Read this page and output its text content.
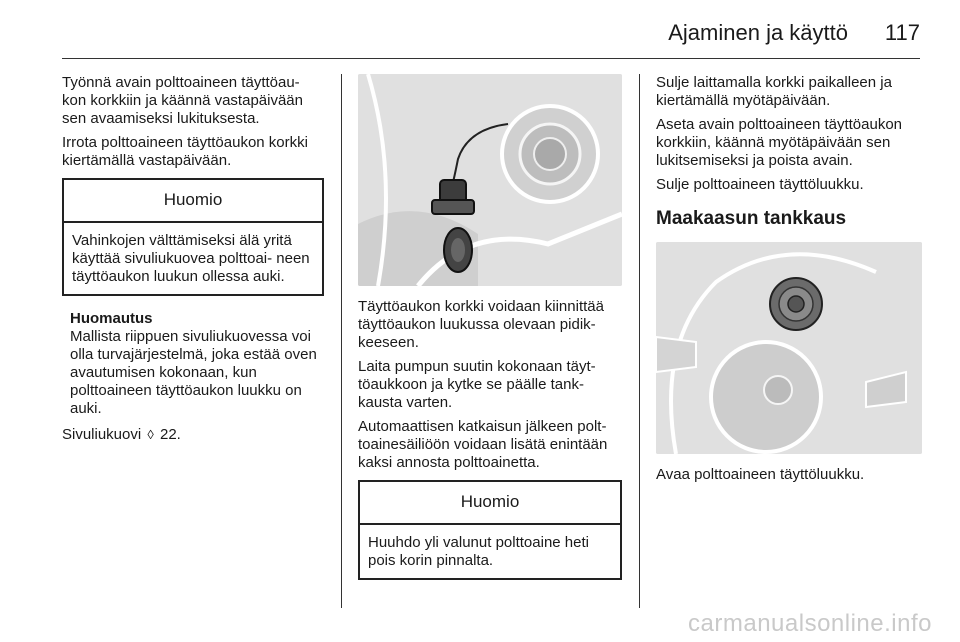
Ajaminen ja käyttö 117

Työnnä avain polttoaineen täyttöau- kon korkkiin ja käännä vastapäivään sen avaamiseksi lukituksesta.

Irrota polttoaineen täyttöaukon korkki kiertämällä vastapäivään.

Huomio
Vahinkojen välttämiseksi älä yritä käyttää sivuliukuovea polttoai- neen täyttöaukon luukun ollessa auki.
Huomautus
Mallista riippuen sivuliukuovessa voi olla turvajärjestelmä, joka estää oven avautumisen kokonaan, kun polttoaineen täyttöaukon luukku on auki.

Sivuliukuovi ◊ 22.

Täyttöaukon korkki voidaan kiinnittää täyttöaukon luukussa olevaan pidik- keeseen.

Laita pumpun suutin kokonaan täyt- töaukkoon ja kytke se päälle tank- kausta varten.

Automaattisen katkaisun jälkeen polt- toainesäiliöön voidaan lisätä enintään kaksi annosta polttoainetta.

Huomio
Huuhdo yli valunut polttoaine heti pois korin pinnalta.

Sulje laittamalla korkki paikalleen ja kiertämällä myötäpäivään.

Aseta avain polttoaineen täyttöaukon korkkiin, käännä myötäpäivään sen lukitsemiseksi ja poista avain.

Sulje polttoaineen täyttöluukku.

Maakaasun tankkaus

Avaa polttoaineen täyttöluukku.

carmanualsonline.info
